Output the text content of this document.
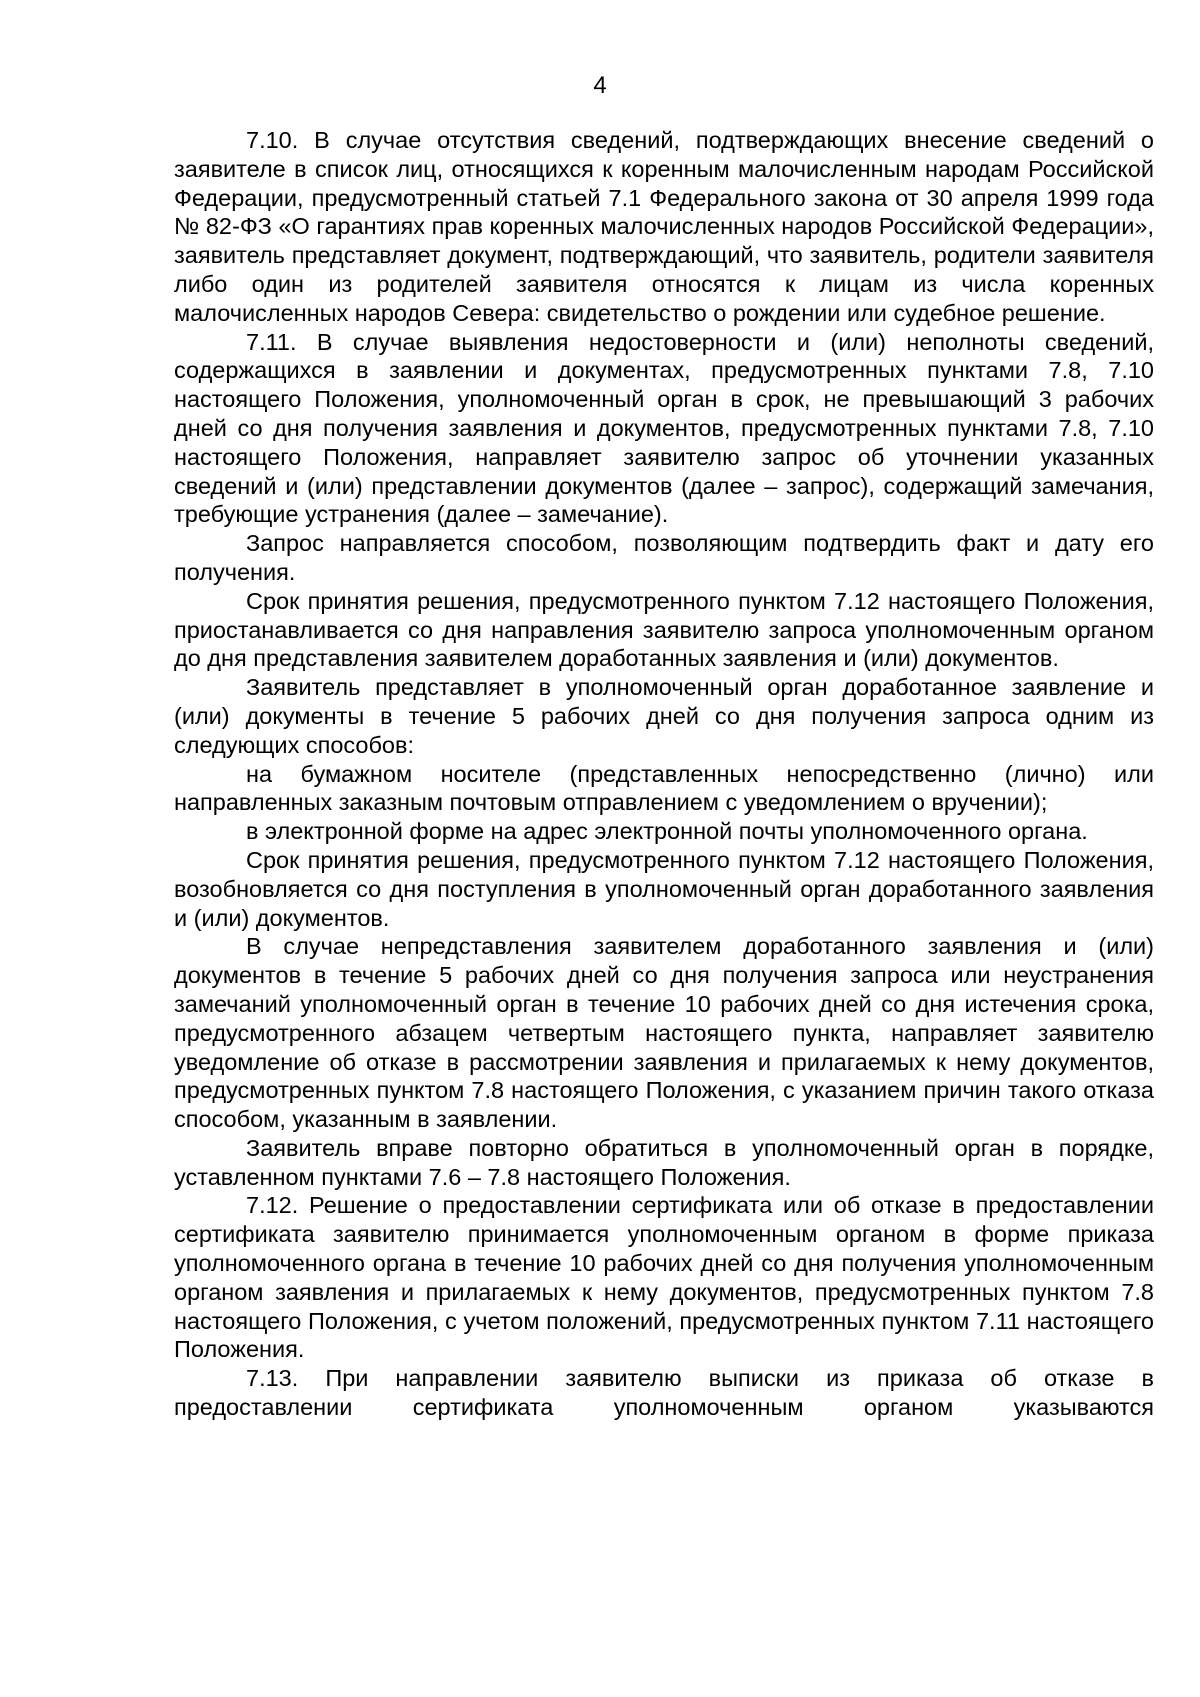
4

7.10. В случае отсутствия сведений, подтверждающих внесение сведений о заявителе в список лиц, относящихся к коренным малочисленным народам Российской Федерации, предусмотренный статьей 7.1 Федерального закона от 30 апреля 1999 года № 82-ФЗ «О гарантиях прав коренных малочисленных народов Российской Федерации», заявитель представляет документ, подтверждающий, что заявитель, родители заявителя либо один из родителей заявителя относятся к лицам из числа коренных малочисленных народов Севера: свидетельство о рождении или судебное решение.

7.11. В случае выявления недостоверности и (или) неполноты сведений, содержащихся в заявлении и документах, предусмотренных пунктами 7.8, 7.10 настоящего Положения, уполномоченный орган в срок, не превышающий 3 рабочих дней со дня получения заявления и документов, предусмотренных пунктами 7.8, 7.10 настоящего Положения, направляет заявителю запрос об уточнении указанных сведений и (или) представлении документов (далее – запрос), содержащий замечания, требующие устранения (далее – замечание).

Запрос направляется способом, позволяющим подтвердить факт и дату его получения.

Срок принятия решения, предусмотренного пунктом 7.12 настоящего Положения, приостанавливается со дня направления заявителю запроса уполномоченным органом до дня представления заявителем доработанных заявления и (или) документов.

Заявитель представляет в уполномоченный орган доработанное заявление и (или) документы в течение 5 рабочих дней со дня получения запроса одним из следующих способов:

на бумажном носителе (представленных непосредственно (лично) или направленных заказным почтовым отправлением с уведомлением о вручении);

в электронной форме на адрес электронной почты уполномоченного органа.

Срок принятия решения, предусмотренного пунктом 7.12 настоящего Положения, возобновляется со дня поступления в уполномоченный орган доработанного заявления и (или) документов.

В случае непредставления заявителем доработанного заявления и (или) документов в течение 5 рабочих дней со дня получения запроса или неустранения замечаний уполномоченный орган в течение 10 рабочих дней со дня истечения срока, предусмотренного абзацем четвертым настоящего пункта, направляет заявителю уведомление об отказе в рассмотрении заявления и прилагаемых к нему документов, предусмотренных пунктом 7.8 настоящего Положения, с указанием причин такого отказа способом, указанным в заявлении.

Заявитель вправе повторно обратиться в уполномоченный орган в порядке, уставленном пунктами 7.6 – 7.8 настоящего Положения.

7.12. Решение о предоставлении сертификата или об отказе в предоставлении сертификата заявителю принимается уполномоченным органом в форме приказа уполномоченного органа в течение 10 рабочих дней со дня получения уполномоченным органом заявления и прилагаемых к нему документов, предусмотренных пунктом 7.8 настоящего Положения, с учетом положений, предусмотренных пунктом 7.11 настоящего Положения.

7.13. При направлении заявителю выписки из приказа об отказе в предоставлении сертификата уполномоченным органом указываются
